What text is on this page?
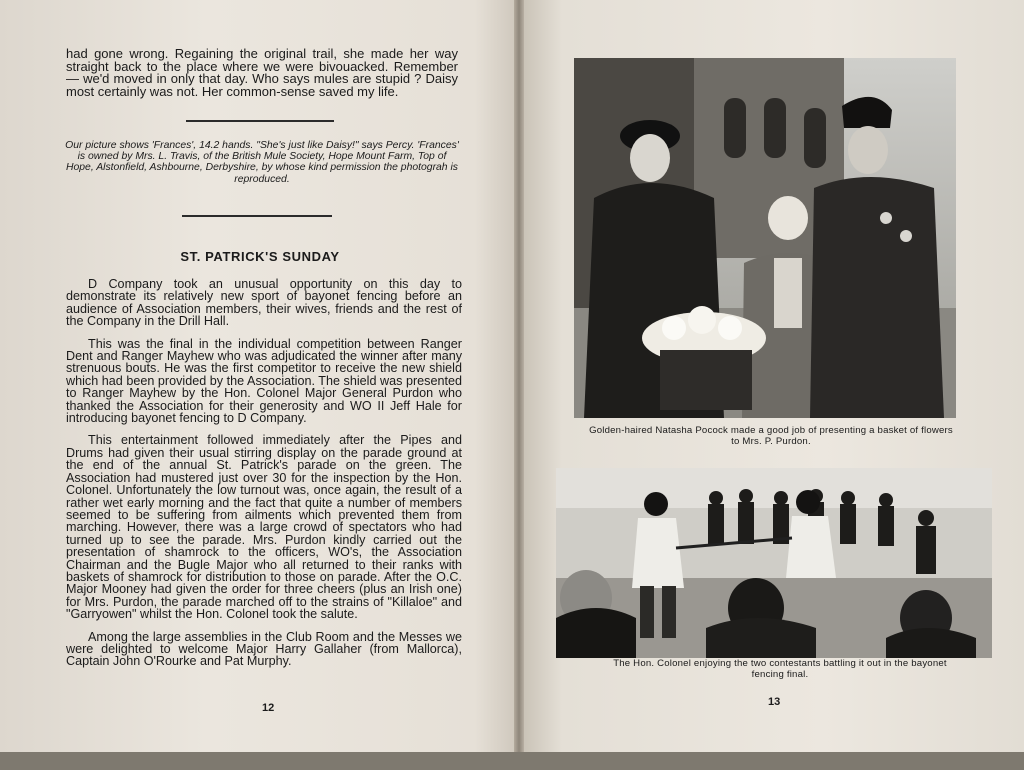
had gone wrong. Regaining the original trail, she made her way straight back to the place where we were bivouacked. Remember — we'd moved in only that day. Who says mules are stupid ? Daisy most certainly was not. Her common-sense saved my life.

Our picture shows 'Frances', 14.2 hands. "She's just like Daisy!" says Percy. 'Frances' is owned by Mrs. L. Travis, of the British Mule Society, Hope Mount Farm, Top of Hope, Alstonfield, Ashbourne, Derbyshire, by whose kind permission the photograh is reproduced.
ST. PATRICK'S SUNDAY

D Company took an unusual opportunity on this day to demonstrate its relatively new sport of bayonet fencing before an audience of Association members, their wives, friends and the rest of the Company in the Drill Hall.

This was the final in the individual competition between Ranger Dent and Ranger Mayhew who was adjudicated the winner after many strenuous bouts. He was the first competitor to receive the new shield which had been provided by the Association. The shield was presented to Ranger Mayhew by the Hon. Colonel Major General Purdon who thanked the Association for their generosity and WO II Jeff Hale for introducing bayonet fencing to D Company.

This entertainment followed immediately after the Pipes and Drums had given their usual stirring display on the parade ground at the end of the annual St. Patrick's parade on the green. The Association had mustered just over 30 for the inspection by the Hon. Colonel. Unfortunately the low turnout was, once again, the result of a rather wet early morning and the fact that quite a number of members seemed to be suffering from ailments which prevented them from marching. However, there was a large crowd of spectators who had turned up to see the parade. Mrs. Purdon kindly carried out the presentation of shamrock to the officers, WO's, the Association Chairman and the Bugle Major who all returned to their ranks with baskets of shamrock for distribution to those on parade. After the O.C. Major Mooney had given the order for three cheers (plus an Irish one) for Mrs. Purdon, the parade marched off to the strains of "Killaloe" and "Garryowen" whilst the Hon. Colonel took the salute.

Among the large assemblies in the Club Room and the Messes we were delighted to welcome Major Harry Gallaher (from Mallorca), Captain John O'Rourke and Pat Murphy.

12
Golden-haired Natasha Pocock made a good job of presenting a basket of flowers to Mrs. P. Purdon.
The Hon. Colonel enjoying the two contestants battling it out in the bayonet fencing final.
13
